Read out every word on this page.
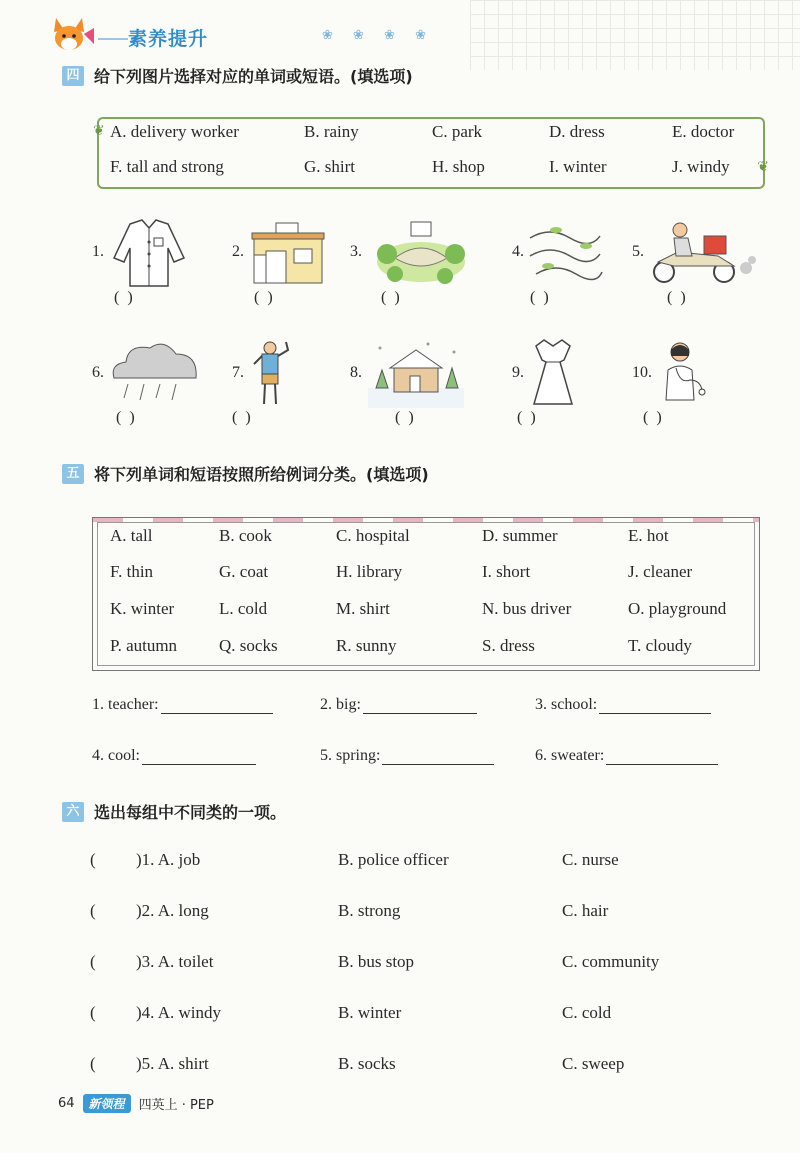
素养提升	❀ ❀ ❀ ❀
四 给下列图片选择对应的单词或短语。(填选项)
❦
❦
A. delivery worker	B. rainy	C. park	D. dress	E. doctor
F. tall and strong	G. shirt	H. shop	I. winter	J. windy
1.
( )
2.
( )
3.
( )
4.
( )
5.
( )
6.
( )
7.
( )
8.
( )
9.
( )
10.
( )
五 将下列单词和短语按照所给例词分类。(填选项)
A. tall	B. cook	C. hospital	D. summer	E. hot
F. thin	G. coat	H. library	I. short	J. cleaner
K. winter	L. cold	M. shirt	N. bus driver	O. playground
P. autumn Q. socks	R. sunny	S. dress	T. cloudy
1. teacher:	2. big:	3. school:
4. cool:	5. spring:	6. sweater:
六 选出每组中不同类的一项。
( )1. A. job	B. police officer	C. nurse
( )2. A. long	B. strong	C. hair
( )3. A. toilet	B. bus stop	C. community
( )4. A. windy	B. winter	C. cold
( )5. A. shirt	B. socks	C. sweep
64	新领程	四英上 · PEP
